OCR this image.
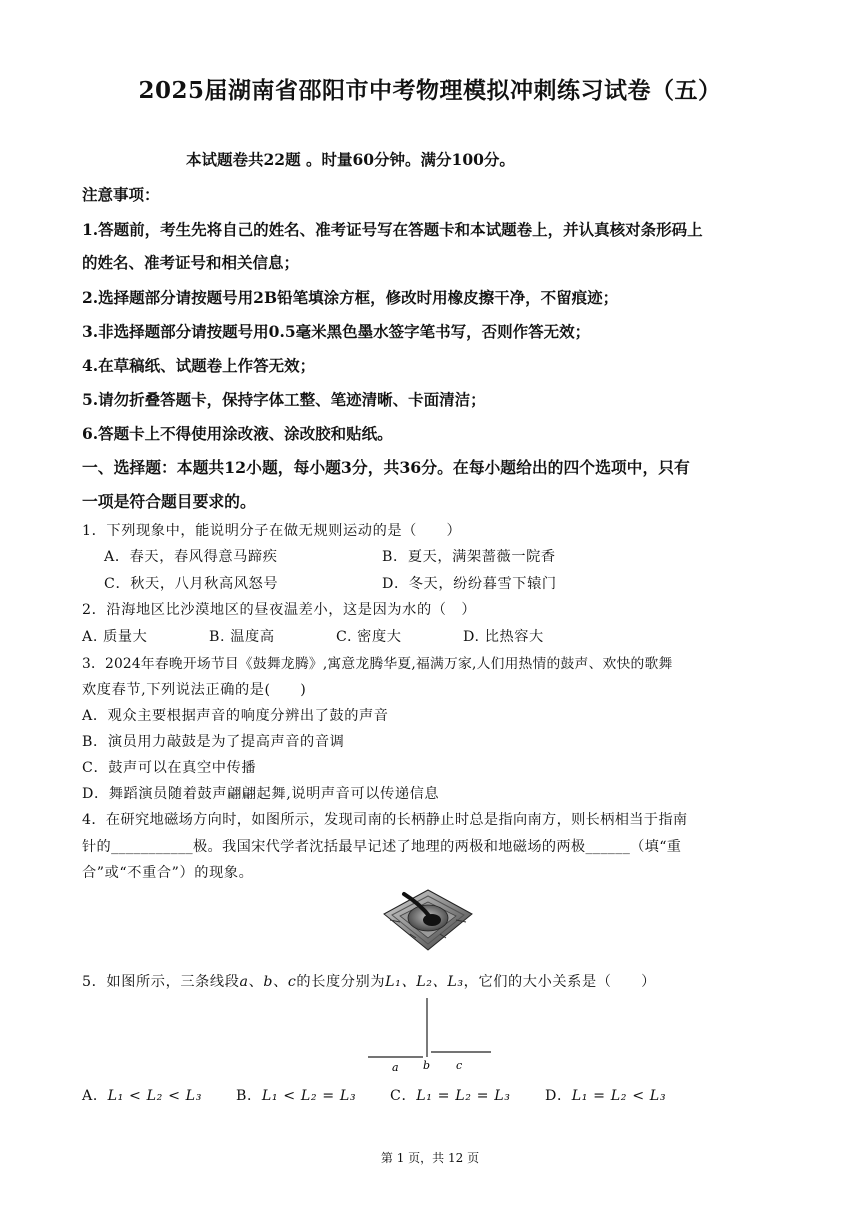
2025届湖南省邵阳市中考物理模拟冲刺练习试卷（五）
本试题卷共22题 。时量60分钟。满分100分。
注意事项：
1.答题前，考生先将自己的姓名、准考证号写在答题卡和本试题卷上，并认真核对条形码上
的姓名、准考证号和相关信息；
2.选择题部分请按题号用2B铅笔填涂方框，修改时用橡皮擦干净，不留痕迹；
3.非选择题部分请按题号用0.5毫米黑色墨水签字笔书写，否则作答无效；
4.在草稿纸、试题卷上作答无效；
5.请勿折叠答题卡，保持字体工整、笔迹清晰、卡面清洁；
6.答题卡上不得使用涂改液、涂改胶和贴纸。
一、选择题：本题共12小题，每小题3分，共36分。在每小题给出的四个选项中，只有
一项是符合题目要求的。
1．下列现象中，能说明分子在做无规则运动的是（　　）
A．春天，春风得意马蹄疾	B．夏天，满架蔷薇一院香
C．秋天，八月秋高风怒号	D．冬天，纷纷暮雪下辕门
2．沿海地区比沙漠地区的昼夜温差小，这是因为水的（　）
A. 质量大	B. 温度高	C. 密度大	D. 比热容大
3．2024年春晚开场节目《鼓舞龙腾》,寓意龙腾华夏,福满万家,人们用热情的鼓声、欢快的歌舞
欢度春节,下列说法正确的是(　　)
A．观众主要根据声音的响度分辨出了鼓的声音
B．演员用力敲鼓是为了提高声音的音调
C．鼓声可以在真空中传播
D．舞蹈演员随着鼓声翩翩起舞,说明声音可以传递信息
4．在研究地磁场方向时，如图所示，发现司南的长柄静止时总是指向南方，则长柄相当于指南
针的___________极。我国宋代学者沈括最早记述了地理的两极和地磁场的两极______（填“重
合”或“不重合”）的现象。
5．如图所示，三条线段a、b、c的长度分别为L₁、L₂、L₃，它们的大小关系是（　　）
a b c
A．L₁ < L₂ < L₃ B．L₁ < L₂ = L₃ C．L₁ = L₂ = L₃ D．L₁ = L₂ < L₃
第 1 页，共 12 页
